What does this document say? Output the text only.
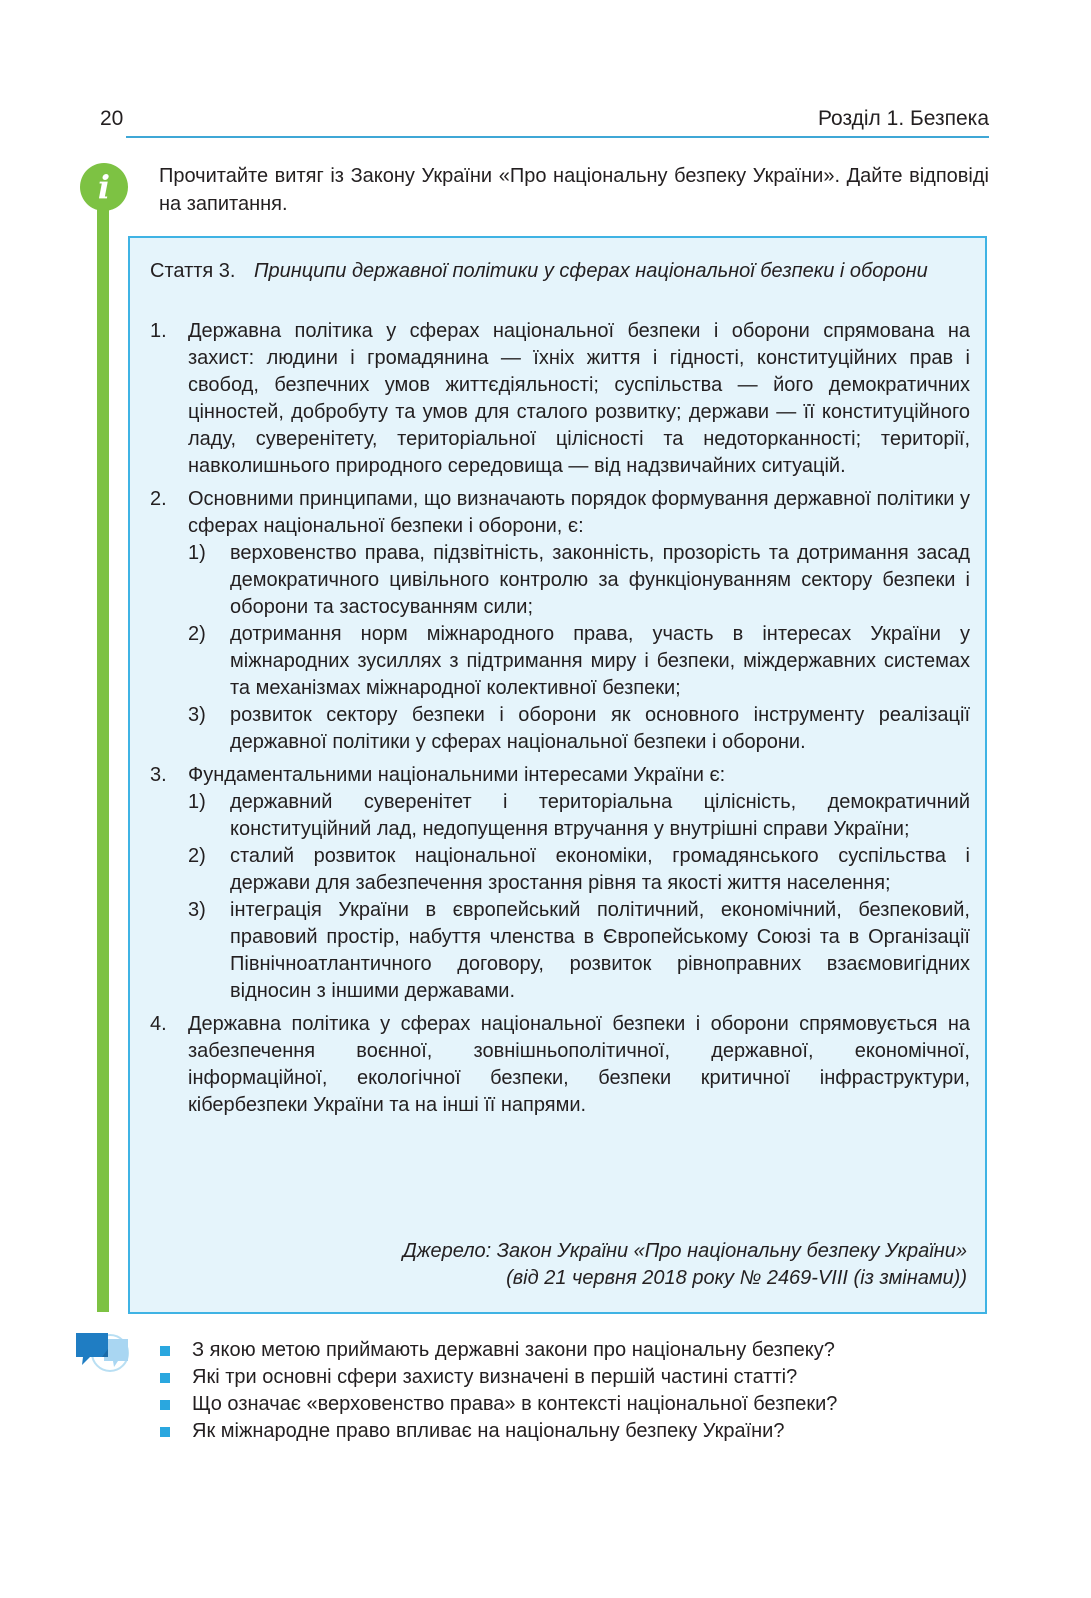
20	Розділ 1. Безпека
i	Прочитайте витяг із Закону України «Про національну безпеку України». Дайте відповіді на запитання.

Стаття 3. Принципи державної політики у сферах національної безпеки і оборони
1. Державна політика у сферах національної безпеки і оборони спрямована на захист: людини і громадянина — їхніх життя і гідності, конституційних прав і свобод, безпечних умов життєдіяльності; суспільства — його демократичних цінностей, добробуту та умов для сталого розвитку; держави — її конституційного ладу, суверенітету, територіальної цілісності та недоторканності; території, навколишнього природного середовища — від надзвичайних ситуацій.
2. Основними принципами, що визначають порядок формування державної політики у сферах національної безпеки і оборони, є:
1) верховенство права, підзвітність, законність, прозорість та дотримання засад демократичного цивільного контролю за функціонуванням сектору безпеки і оборони та застосуванням сили;
2) дотримання норм міжнародного права, участь в інтересах України у міжнародних зусиллях з підтримання миру і безпеки, міждержавних системах та механізмах міжнародної колективної безпеки;
3) розвиток сектору безпеки і оборони як основного інструменту реалізації державної політики у сферах національної безпеки і оборони.
3. Фундаментальними національними інтересами України є:
1) державний суверенітет і територіальна цілісність, демократичний конституційний лад, недопущення втручання у внутрішні справи України;
2) сталий розвиток національної економіки, громадянського суспільства і держави для забезпечення зростання рівня та якості життя населення;
3) інтеграція України в європейський політичний, економічний, безпековий, правовий простір, набуття членства в Європейському Союзі та в Організації Північноатлантичного договору, розвиток рівноправних взаємовигідних відносин з іншими державами.
4. Державна політика у сферах національної безпеки і оборони спрямовується на забезпечення воєнної, зовнішньополітичної, державної, економічної, інформаційної, екологічної безпеки, безпеки критичної інфраструктури, кібербезпеки України та на інші її напрями.
Джерело: Закон України «Про національну безпеку України»
(від 21 червня 2018 року № 2469-VIII (із змінами))
З якою метою приймають державні закони про національну безпеку?
Які три основні сфери захисту визначені в першій частині статті?
Що означає «верховенство права» в контексті національної безпеки?
Як міжнародне право впливає на національну безпеку України?
